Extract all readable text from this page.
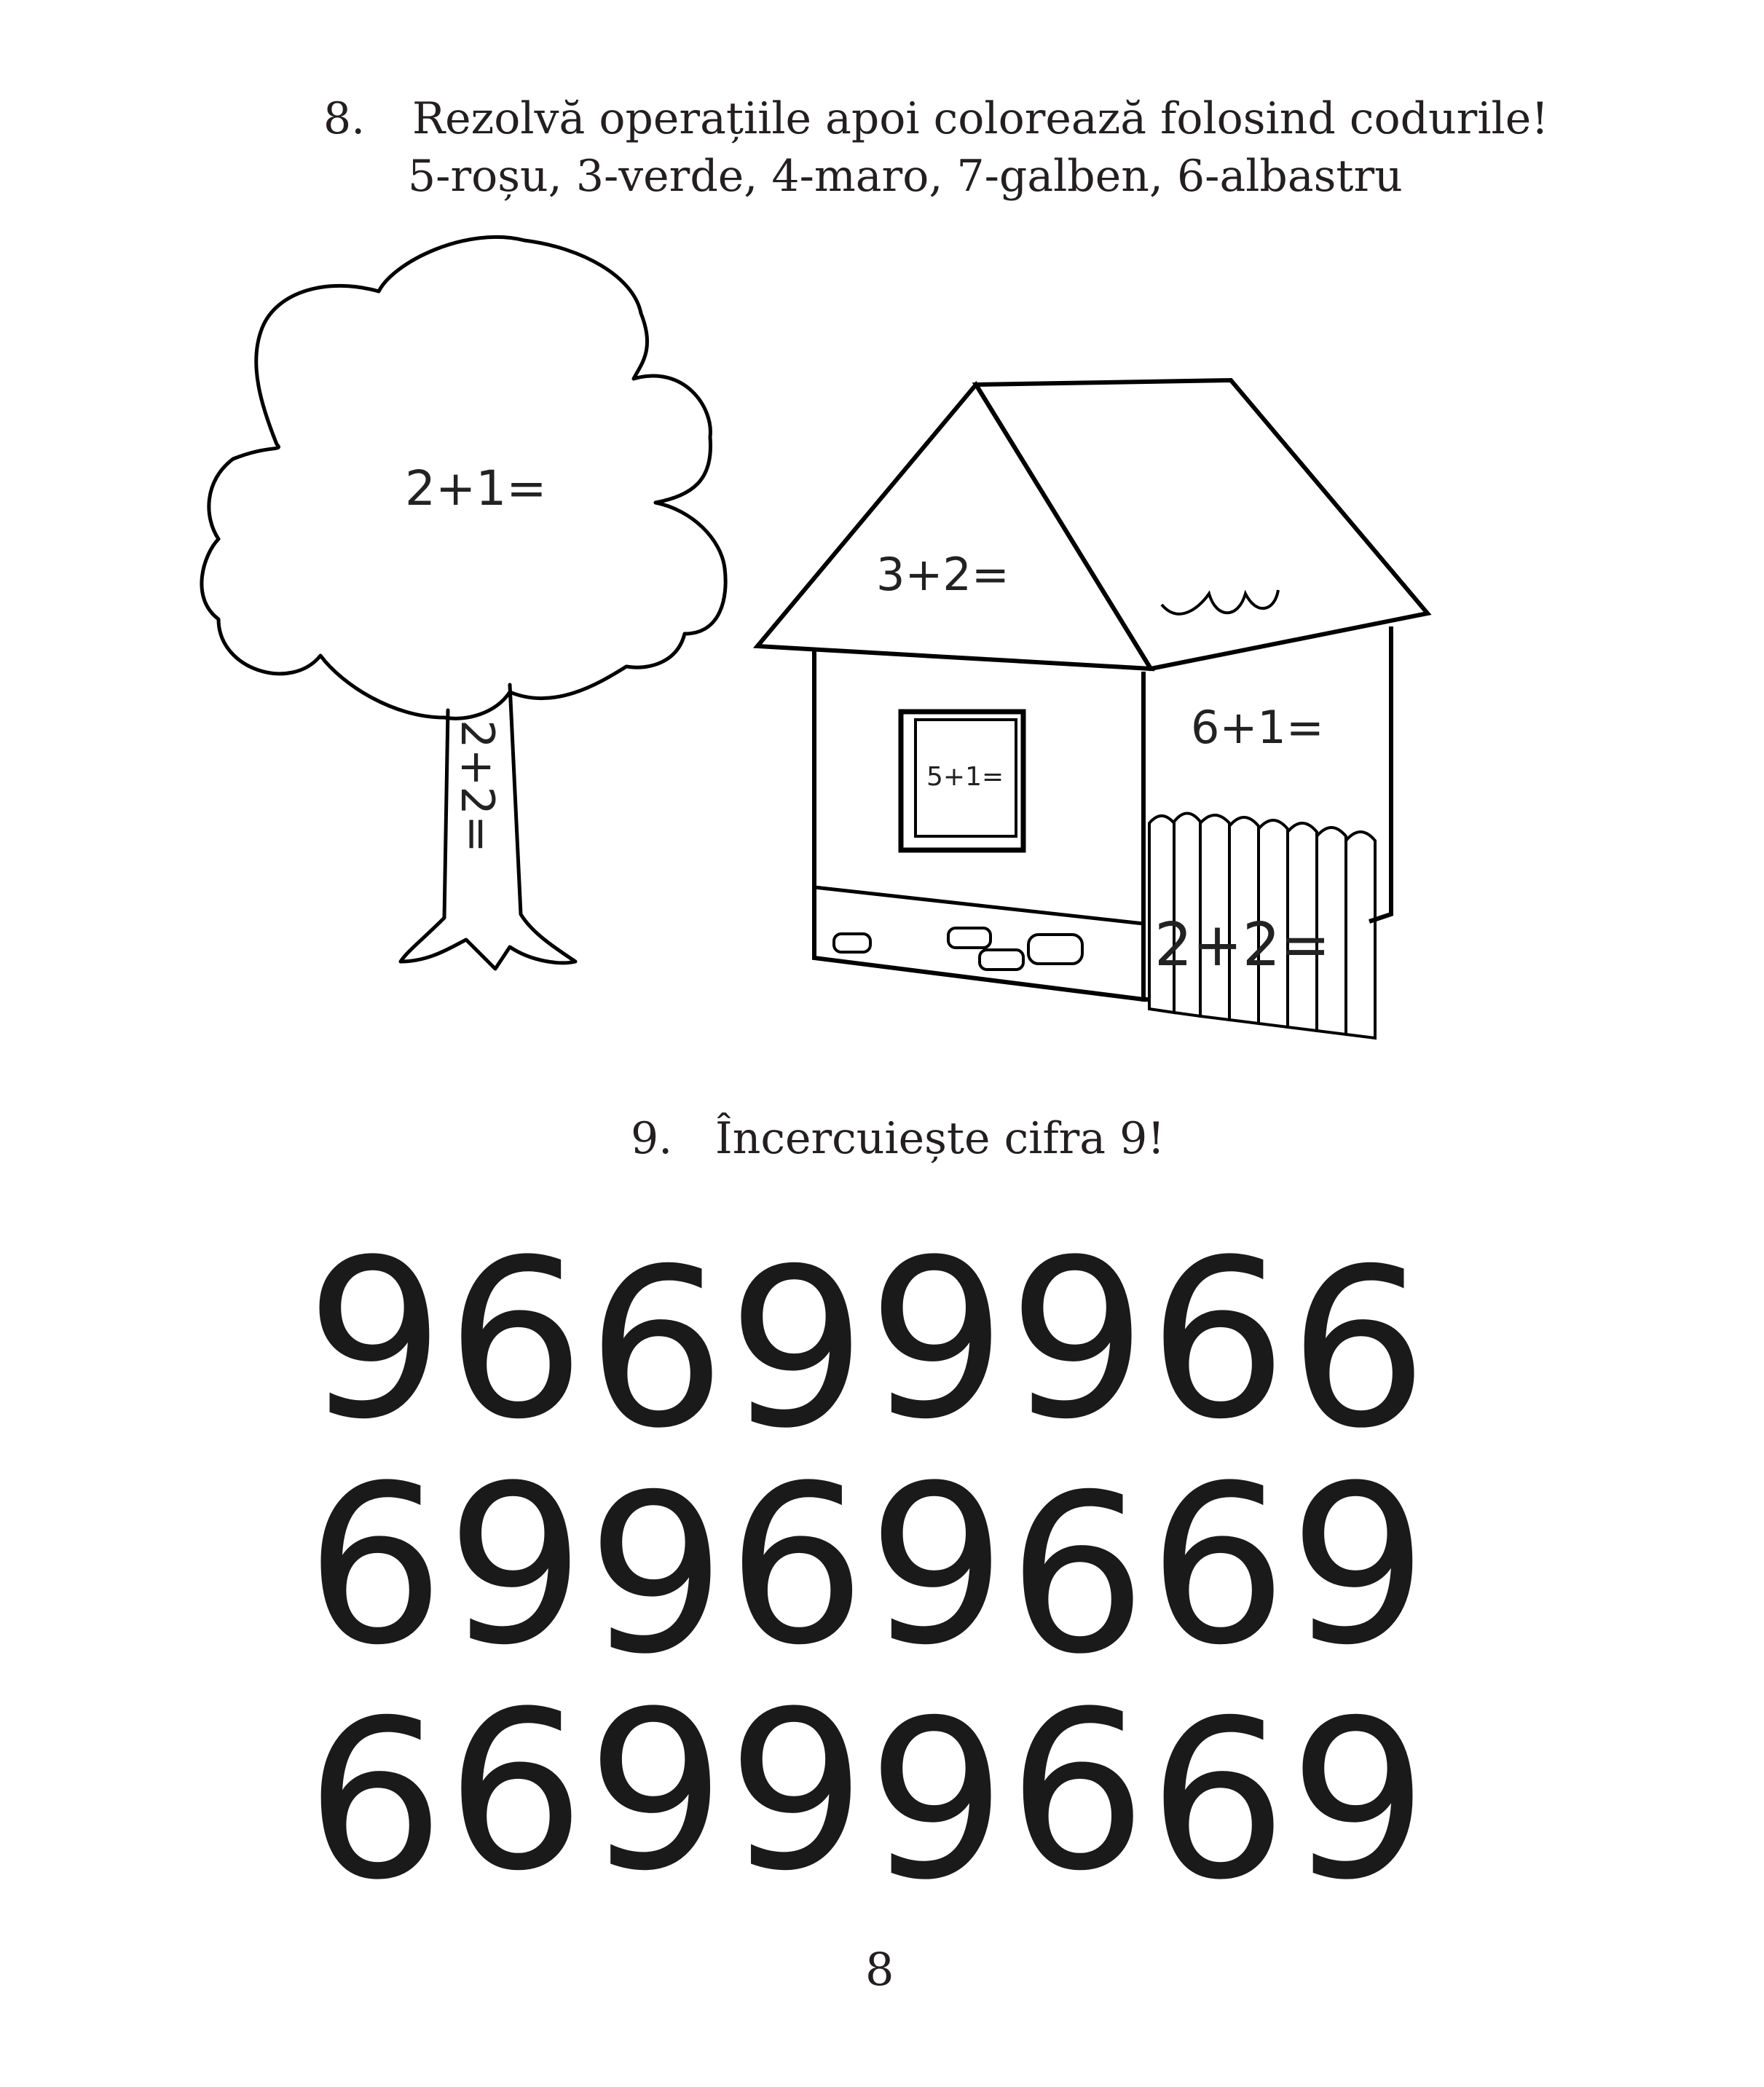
8. Rezolvă operațiile apoi colorează folosind codurile!
5-roșu, 3-verde, 4-maro, 7-galben, 6-albastru
2+1=
2+2=
3+2=
5+1=
6+1=
2+2=
9. Încercuiește cifra 9!
9 6 9 6 9 9 6 9
6 9 6 6 9 9 6 9
9 6 9 9 6 6 9 6
8
